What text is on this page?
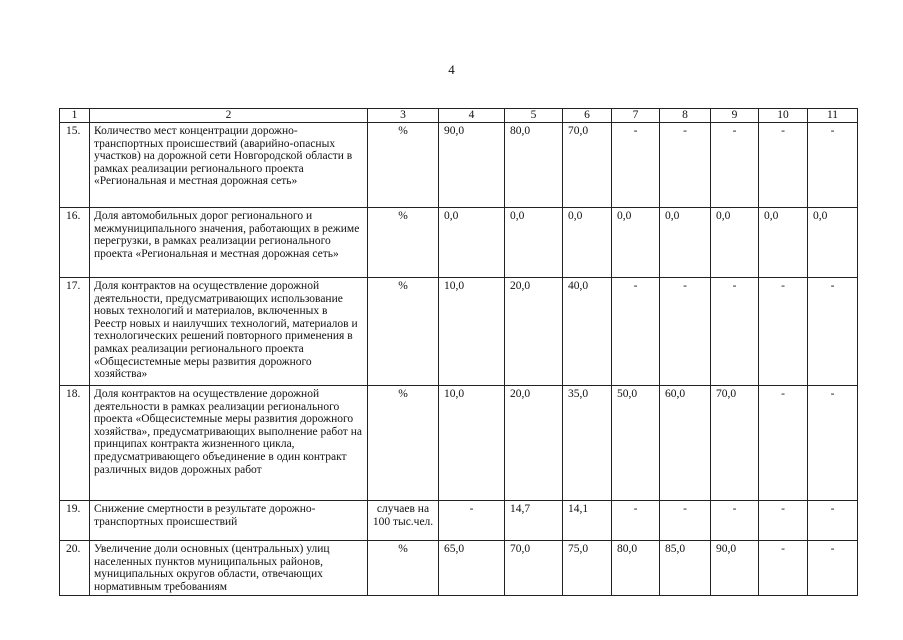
4
1	2	3	4	5	6	7	8	9	10	11
15.	Количество мест концентрации дорожно-транспортных происшествий (аварийно-опасных участков) на дорожной сети Новгородской области в рамках реализации регионального проекта «Региональная и местная дорожная сеть»	%	90,0	80,0	70,0	-	-	-	-	-
16.	Доля автомобильных дорог регионального и межмуниципального значения, работающих в режиме перегрузки, в рамках реализации регионального проекта «Региональная и местная дорожная сеть»	%	0,0	0,0	0,0	0,0	0,0	0,0	0,0	0,0
17.	Доля контрактов на осуществление дорожной деятельности, предусматривающих использование новых технологий и материалов, включенных в Реестр новых и наилучших технологий, материалов и технологических решений повторного применения в рамках реализации регионального проекта «Общесистемные меры развития дорожного хозяйства»	%	10,0	20,0	40,0	-	-	-	-	-
18.	Доля контрактов на осуществление дорожной деятельности в рамках реализации регионального проекта «Общесистемные меры развития дорожного хозяйства», предусматривающих выполнение работ на принципах контракта жизненного цикла, предусматривающего объединение в один контракт различных видов дорожных работ	%	10,0	20,0	35,0	50,0	60,0	70,0	-	-
19.	Снижение смертности в результате дорожно-транспортных происшествий	случаев на 100 тыс.чел.	-	14,7	14,1	-	-	-	-	-
20.	Увеличение доли основных (центральных) улиц населенных пунктов муниципальных районов, муниципальных округов области, отвечающих нормативным требованиям	%	65,0	70,0	75,0	80,0	85,0	90,0	-	-
